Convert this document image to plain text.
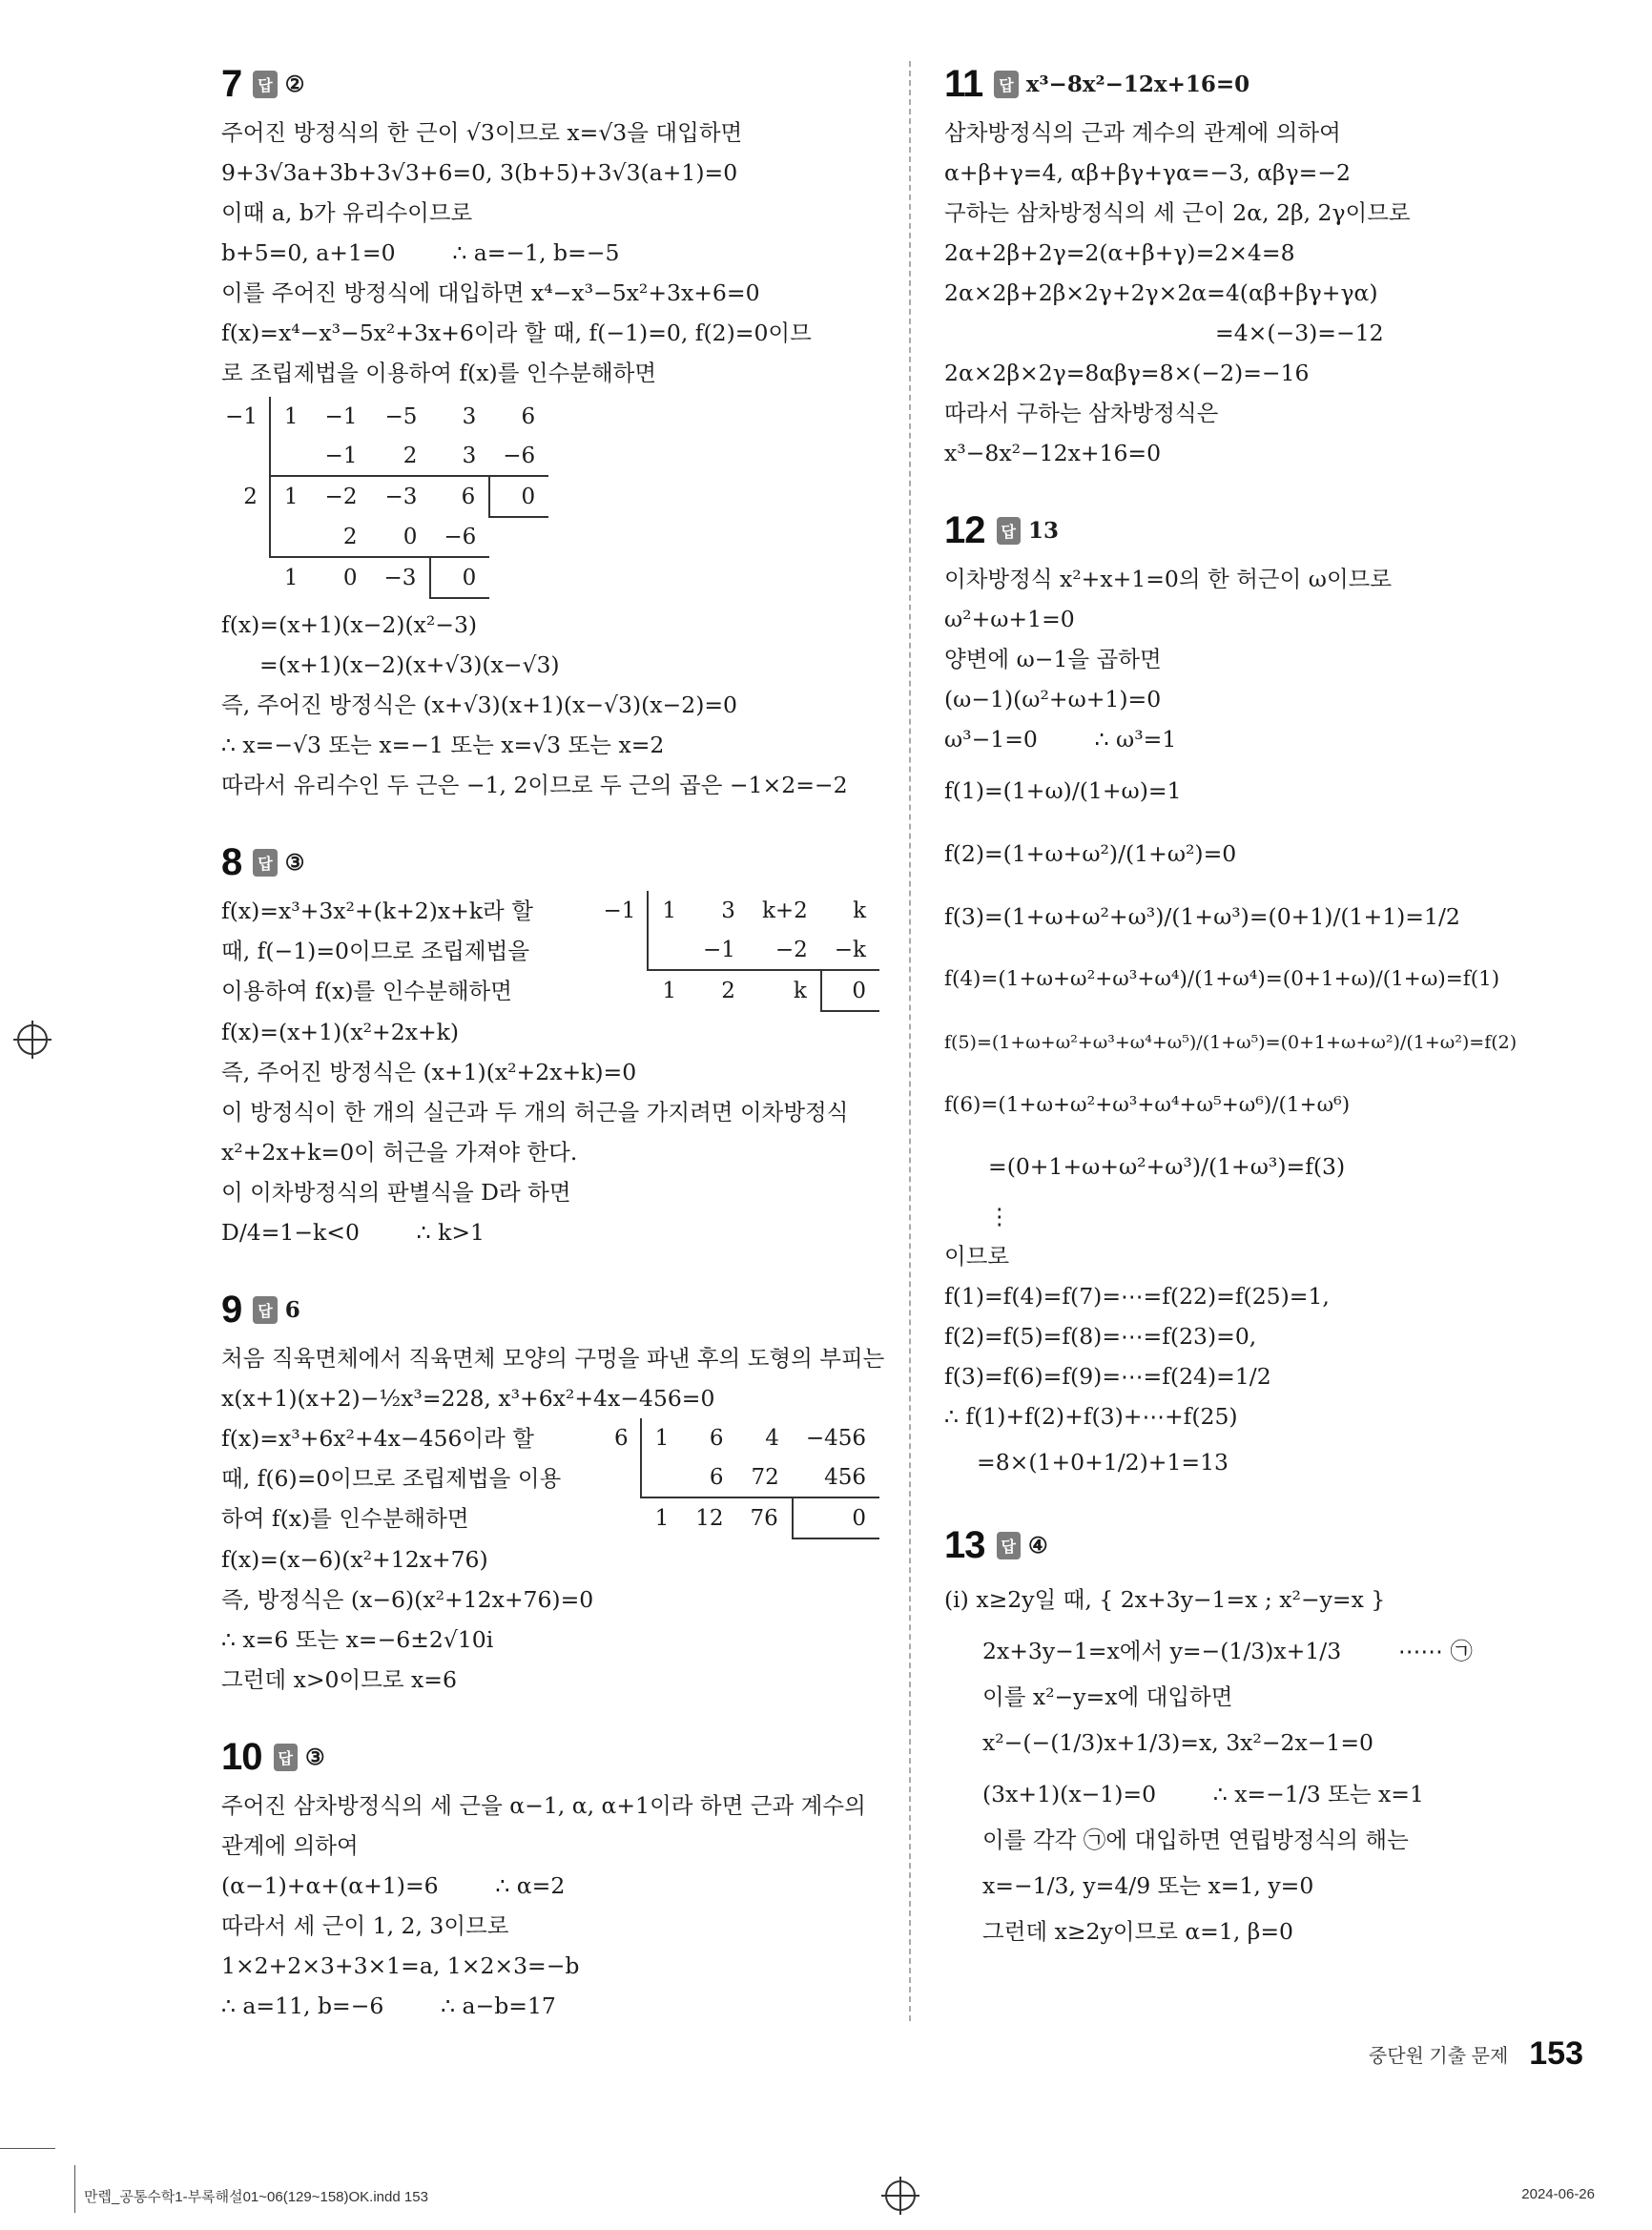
7	답 ②
주어진 방정식의 한 근이 √3이므로 x=√3을 대입하면
9+3√3a+3b+3√3+6=0, 3(b+5)+3√3(a+1)=0
이때 a, b가 유리수이므로
b+5=0, a+1=0        ∴ a=−1, b=−5
이를 주어진 방정식에 대입하면 x⁴−x³−5x²+3x+6=0
f(x)=x⁴−x³−5x²+3x+6이라 할 때, f(−1)=0, f(2)=0이므
로 조립제법을 이용하여 f(x)를 인수분해하면
−1	1	−1	−5	3	6
		−1	2	3	−6
2	1	−2	−3	6	0
		2	0	−6	
	1	0	−3	0	
f(x)=(x+1)(x−2)(x²−3)
=(x+1)(x−2)(x+√3)(x−√3)
즉, 주어진 방정식은 (x+√3)(x+1)(x−√3)(x−2)=0
∴ x=−√3 또는 x=−1 또는 x=√3 또는 x=2
따라서 유리수인 두 근은 −1, 2이므로 두 근의 곱은 −1×2=−2
8	답 ③
f(x)=x³+3x²+(k+2)x+k라 할
때, f(−1)=0이므로 조립제법을
이용하여 f(x)를 인수분해하면
−1	1	3	k+2	k
		−1	−2	−k
	1	2	k	0
f(x)=(x+1)(x²+2x+k)
즉, 주어진 방정식은 (x+1)(x²+2x+k)=0
이 방정식이 한 개의 실근과 두 개의 허근을 가지려면 이차방정식
x²+2x+k=0이 허근을 가져야 한다.
이 이차방정식의 판별식을 D라 하면
D/4=1−k<0        ∴ k>1
9	답 6
처음 직육면체에서 직육면체 모양의 구멍을 파낸 후의 도형의 부피는
x(x+1)(x+2)−½x³=228, x³+6x²+4x−456=0
f(x)=x³+6x²+4x−456이라 할
때, f(6)=0이므로 조립제법을 이용
하여 f(x)를 인수분해하면
6	1	6	4	−456
		6	72	456
	1	12	76	0
f(x)=(x−6)(x²+12x+76)
즉, 방정식은 (x−6)(x²+12x+76)=0
∴ x=6 또는 x=−6±2√10i
그런데 x>0이므로 x=6
10	답 ③
주어진 삼차방정식의 세 근을 α−1, α, α+1이라 하면 근과 계수의
관계에 의하여
(α−1)+α+(α+1)=6        ∴ α=2
따라서 세 근이 1, 2, 3이므로
1×2+2×3+3×1=a, 1×2×3=−b
∴ a=11, b=−6        ∴ a−b=17
11	답 x³−8x²−12x+16=0
삼차방정식의 근과 계수의 관계에 의하여
α+β+γ=4, αβ+βγ+γα=−3, αβγ=−2
구하는 삼차방정식의 세 근이 2α, 2β, 2γ이므로
2α+2β+2γ=2(α+β+γ)=2×4=8
2α×2β+2β×2γ+2γ×2α=4(αβ+βγ+γα)
=4×(−3)=−12
2α×2β×2γ=8αβγ=8×(−2)=−16
따라서 구하는 삼차방정식은
x³−8x²−12x+16=0
12	답 13
이차방정식 x²+x+1=0의 한 허근이 ω이므로
ω²+ω+1=0
양변에 ω−1을 곱하면
(ω−1)(ω²+ω+1)=0
ω³−1=0        ∴ ω³=1
f(1)=(1+ω)/(1+ω)=1
f(2)=(1+ω+ω²)/(1+ω²)=0
f(3)=(1+ω+ω²+ω³)/(1+ω³)=(0+1)/(1+1)=1/2
f(4)=(1+ω+ω²+ω³+ω⁴)/(1+ω⁴)=(0+1+ω)/(1+ω)=f(1)
f(5)=(1+ω+ω²+ω³+ω⁴+ω⁵)/(1+ω⁵)=(0+1+ω+ω²)/(1+ω²)=f(2)
f(6)=(1+ω+ω²+ω³+ω⁴+ω⁵+ω⁶)/(1+ω⁶)
=(0+1+ω+ω²+ω³)/(1+ω³)=f(3)
⋮
이므로
f(1)=f(4)=f(7)=⋯=f(22)=f(25)=1,
f(2)=f(5)=f(8)=⋯=f(23)=0,
f(3)=f(6)=f(9)=⋯=f(24)=1/2
∴ f(1)+f(2)+f(3)+⋯+f(25)
=8×(1+0+1/2)+1=13
13	답 ④
(ⅰ) x≥2y일 때, { 2x+3y−1=x ; x²−y=x }
2x+3y−1=x에서 y=−(1/3)x+1/3        ⋯⋯ ㉠
이를 x²−y=x에 대입하면
x²−(−(1/3)x+1/3)=x, 3x²−2x−1=0
(3x+1)(x−1)=0        ∴ x=−1/3 또는 x=1
이를 각각 ㉠에 대입하면 연립방정식의 해는
x=−1/3, y=4/9 또는 x=1, y=0
그런데 x≥2y이므로 α=1, β=0
중단원 기출 문제 153
만렙_공통수학1-부록해설01~06(129~158)OK.indd 153	2024-06-26
